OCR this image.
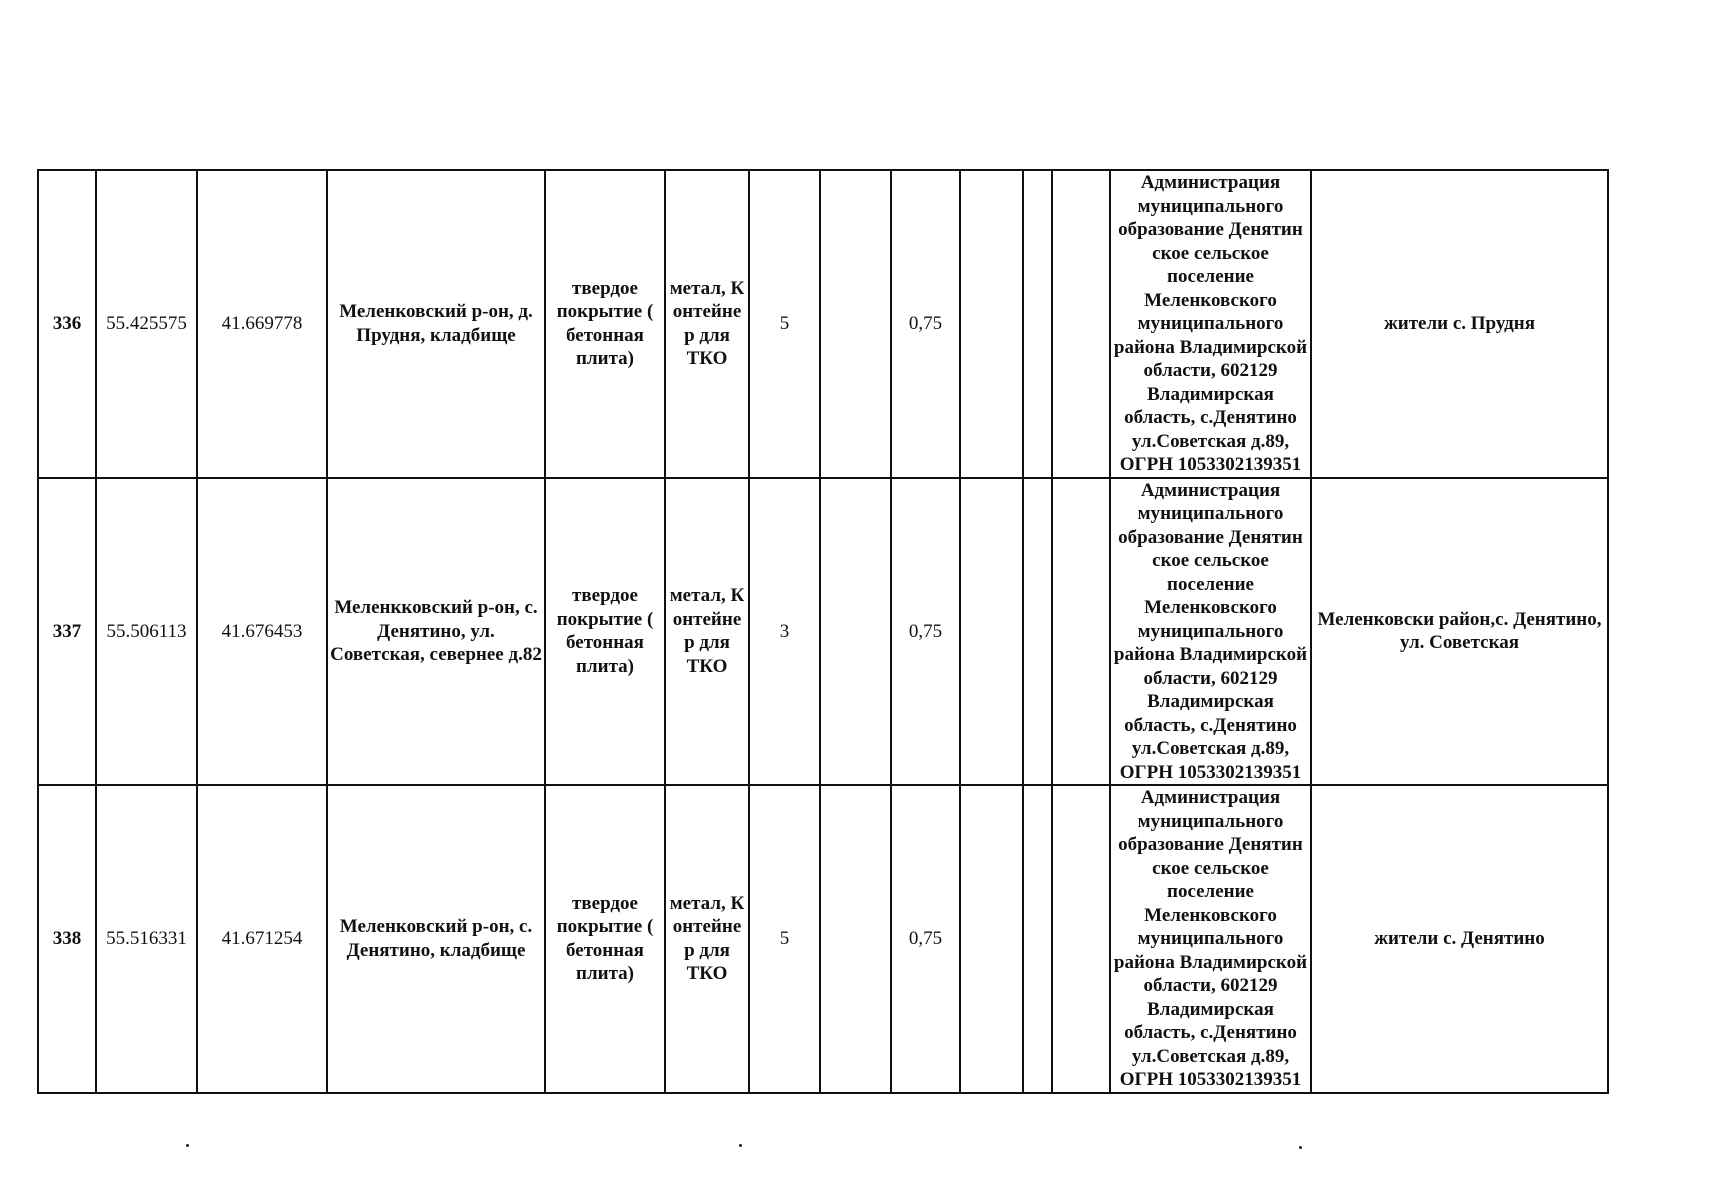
336	55.425575	41.669778	Меленковский р-он, д. Прудня, кладбище	твердое покрытие ( бетонная плита)	метал, К онтейне р для ТКО	5		0,75				Администрация муниципального образование Денятин ское сельское поселение Меленковского муниципального района Владимирской области, 602129 Владимирская область, с.Денятино ул.Советская д.89, ОГРН 1053302139351	жители с. Прудня
337	55.506113	41.676453	Меленкковский р-он, с. Денятино, ул. Советская, севернее д.82	твердое покрытие ( бетонная плита)	метал, К онтейне р для ТКО	3		0,75				Администрация муниципального образование Денятин ское сельское поселение Меленковского муниципального района Владимирской области, 602129 Владимирская область, с.Денятино ул.Советская д.89, ОГРН 1053302139351	Меленковски район,с. Денятино, ул. Советская
338	55.516331	41.671254	Меленковский р-он, с. Денятино, кладбище	твердое покрытие ( бетонная плита)	метал, К онтейне р для ТКО	5		0,75				Администрация муниципального образование Денятин ское сельское поселение Меленковского муниципального района Владимирской области, 602129 Владимирская область, с.Денятино ул.Советская д.89, ОГРН 1053302139351	жители с. Денятино
